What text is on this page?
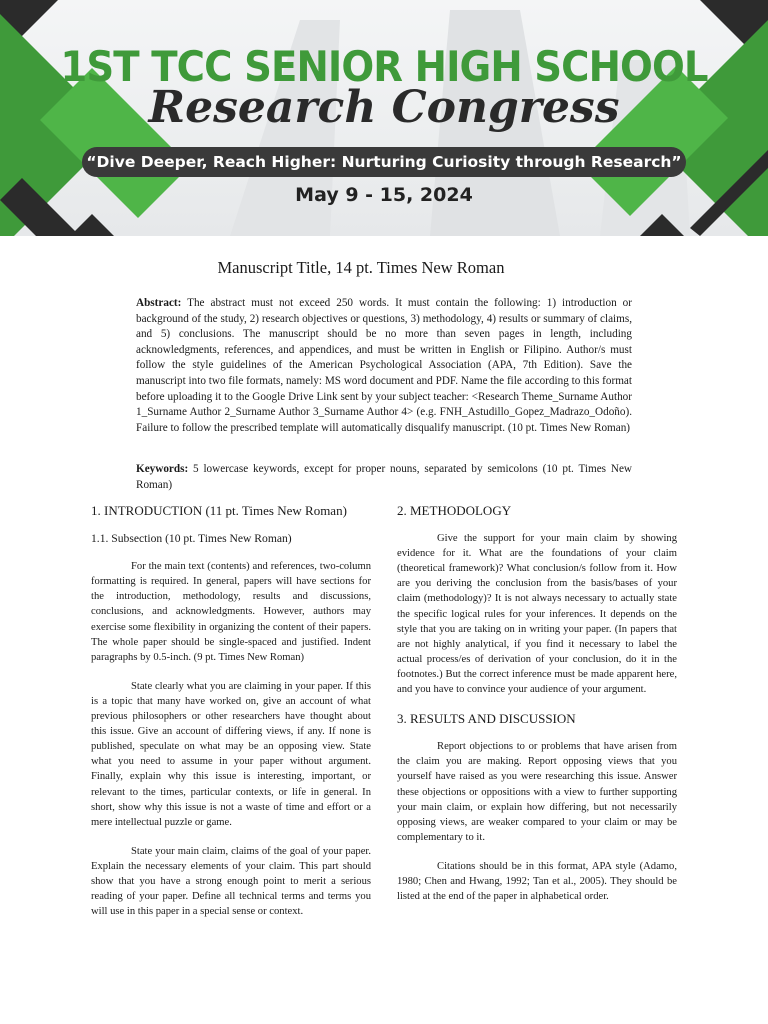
1ST TCC SENIOR HIGH SCHOOL
Research Congress
“Dive Deeper, Reach Higher: Nurturing Curiosity through Research”
May 9 - 15, 2024
Manuscript Title, 14 pt. Times New Roman
Abstract: The abstract must not exceed 250 words. It must contain the following: 1) introduction or background of the study, 2) research objectives or questions, 3) methodology, 4) results or summary of claims, and 5) conclusions. The manuscript should be no more than seven pages in length, including acknowledgments, references, and appendices, and must be written in English or Filipino. Author/s must follow the style guidelines of the American Psychological Association (APA, 7th Edition). Save the manuscript into two file formats, namely: MS word document and PDF. Name the file according to this format before uploading it to the Google Drive Link sent by your subject teacher: <Research Theme_Surname Author 1_Surname Author 2_Surname Author 3_Surname Author 4> (e.g. FNH_Astudillo_Gopez_Madrazo_Odoño). Failure to follow the prescribed template will automatically disqualify manuscript. (10 pt. Times New Roman)
Keywords: 5 lowercase keywords, except for proper nouns, separated by semicolons (10 pt. Times New Roman)
1. INTRODUCTION (11 pt. Times New Roman)
1.1. Subsection (10 pt. Times New Roman)

For the main text (contents) and references, two-column formatting is required. In general, papers will have sections for the introduction, methodology, results and discussions, conclusions, and acknowledgments. However, authors may exercise some flexibility in organizing the content of their papers. The whole paper should be single-spaced and justified. Indent paragraphs by 0.5-inch. (9 pt. Times New Roman)

State clearly what you are claiming in your paper. If this is a topic that many have worked on, give an account of what previous philosophers or other researchers have thought about this issue. Give an account of differing views, if any. If none is published, speculate on what may be an opposing view. State what you need to assume in your paper without argument. Finally, explain why this issue is interesting, important, or relevant to the times, particular contexts, or life in general. In short, show why this issue is not a waste of time and effort or a mere intellectual puzzle or game.

State your main claim, claims of the goal of your paper. Explain the necessary elements of your claim. This part should show that you have a strong enough point to merit a serious reading of your paper. Define all technical terms and terms you will use in this paper in a special sense or context.

2. METHODOLOGY

Give the support for your main claim by showing evidence for it. What are the foundations of your claim (theoretical framework)? What conclusion/s follow from it. How are you deriving the conclusion from the basis/bases of your claim (methodology)? It is not always necessary to actually state the specific logical rules for your inferences. It depends on the style that you are taking on in writing your paper. (In papers that are not highly analytical, if you find it necessary to label the actual process/es of derivation of your conclusion, do it in the footnotes.) But the correct inference must be made apparent here, and you have to convince your audience of your argument.

3. RESULTS AND DISCUSSION

Report objections to or problems that have arisen from the claim you are making. Report opposing views that you yourself have raised as you were researching this issue. Answer these objections or oppositions with a view to further supporting your main claim, or explain how differing, but not necessarily opposing views, are weaker compared to your claim or may be complementary to it.

Citations should be in this format, APA style (Adamo, 1980; Chen and Hwang, 1992; Tan et al., 2005). They should be listed at the end of the paper in alphabetical order.
